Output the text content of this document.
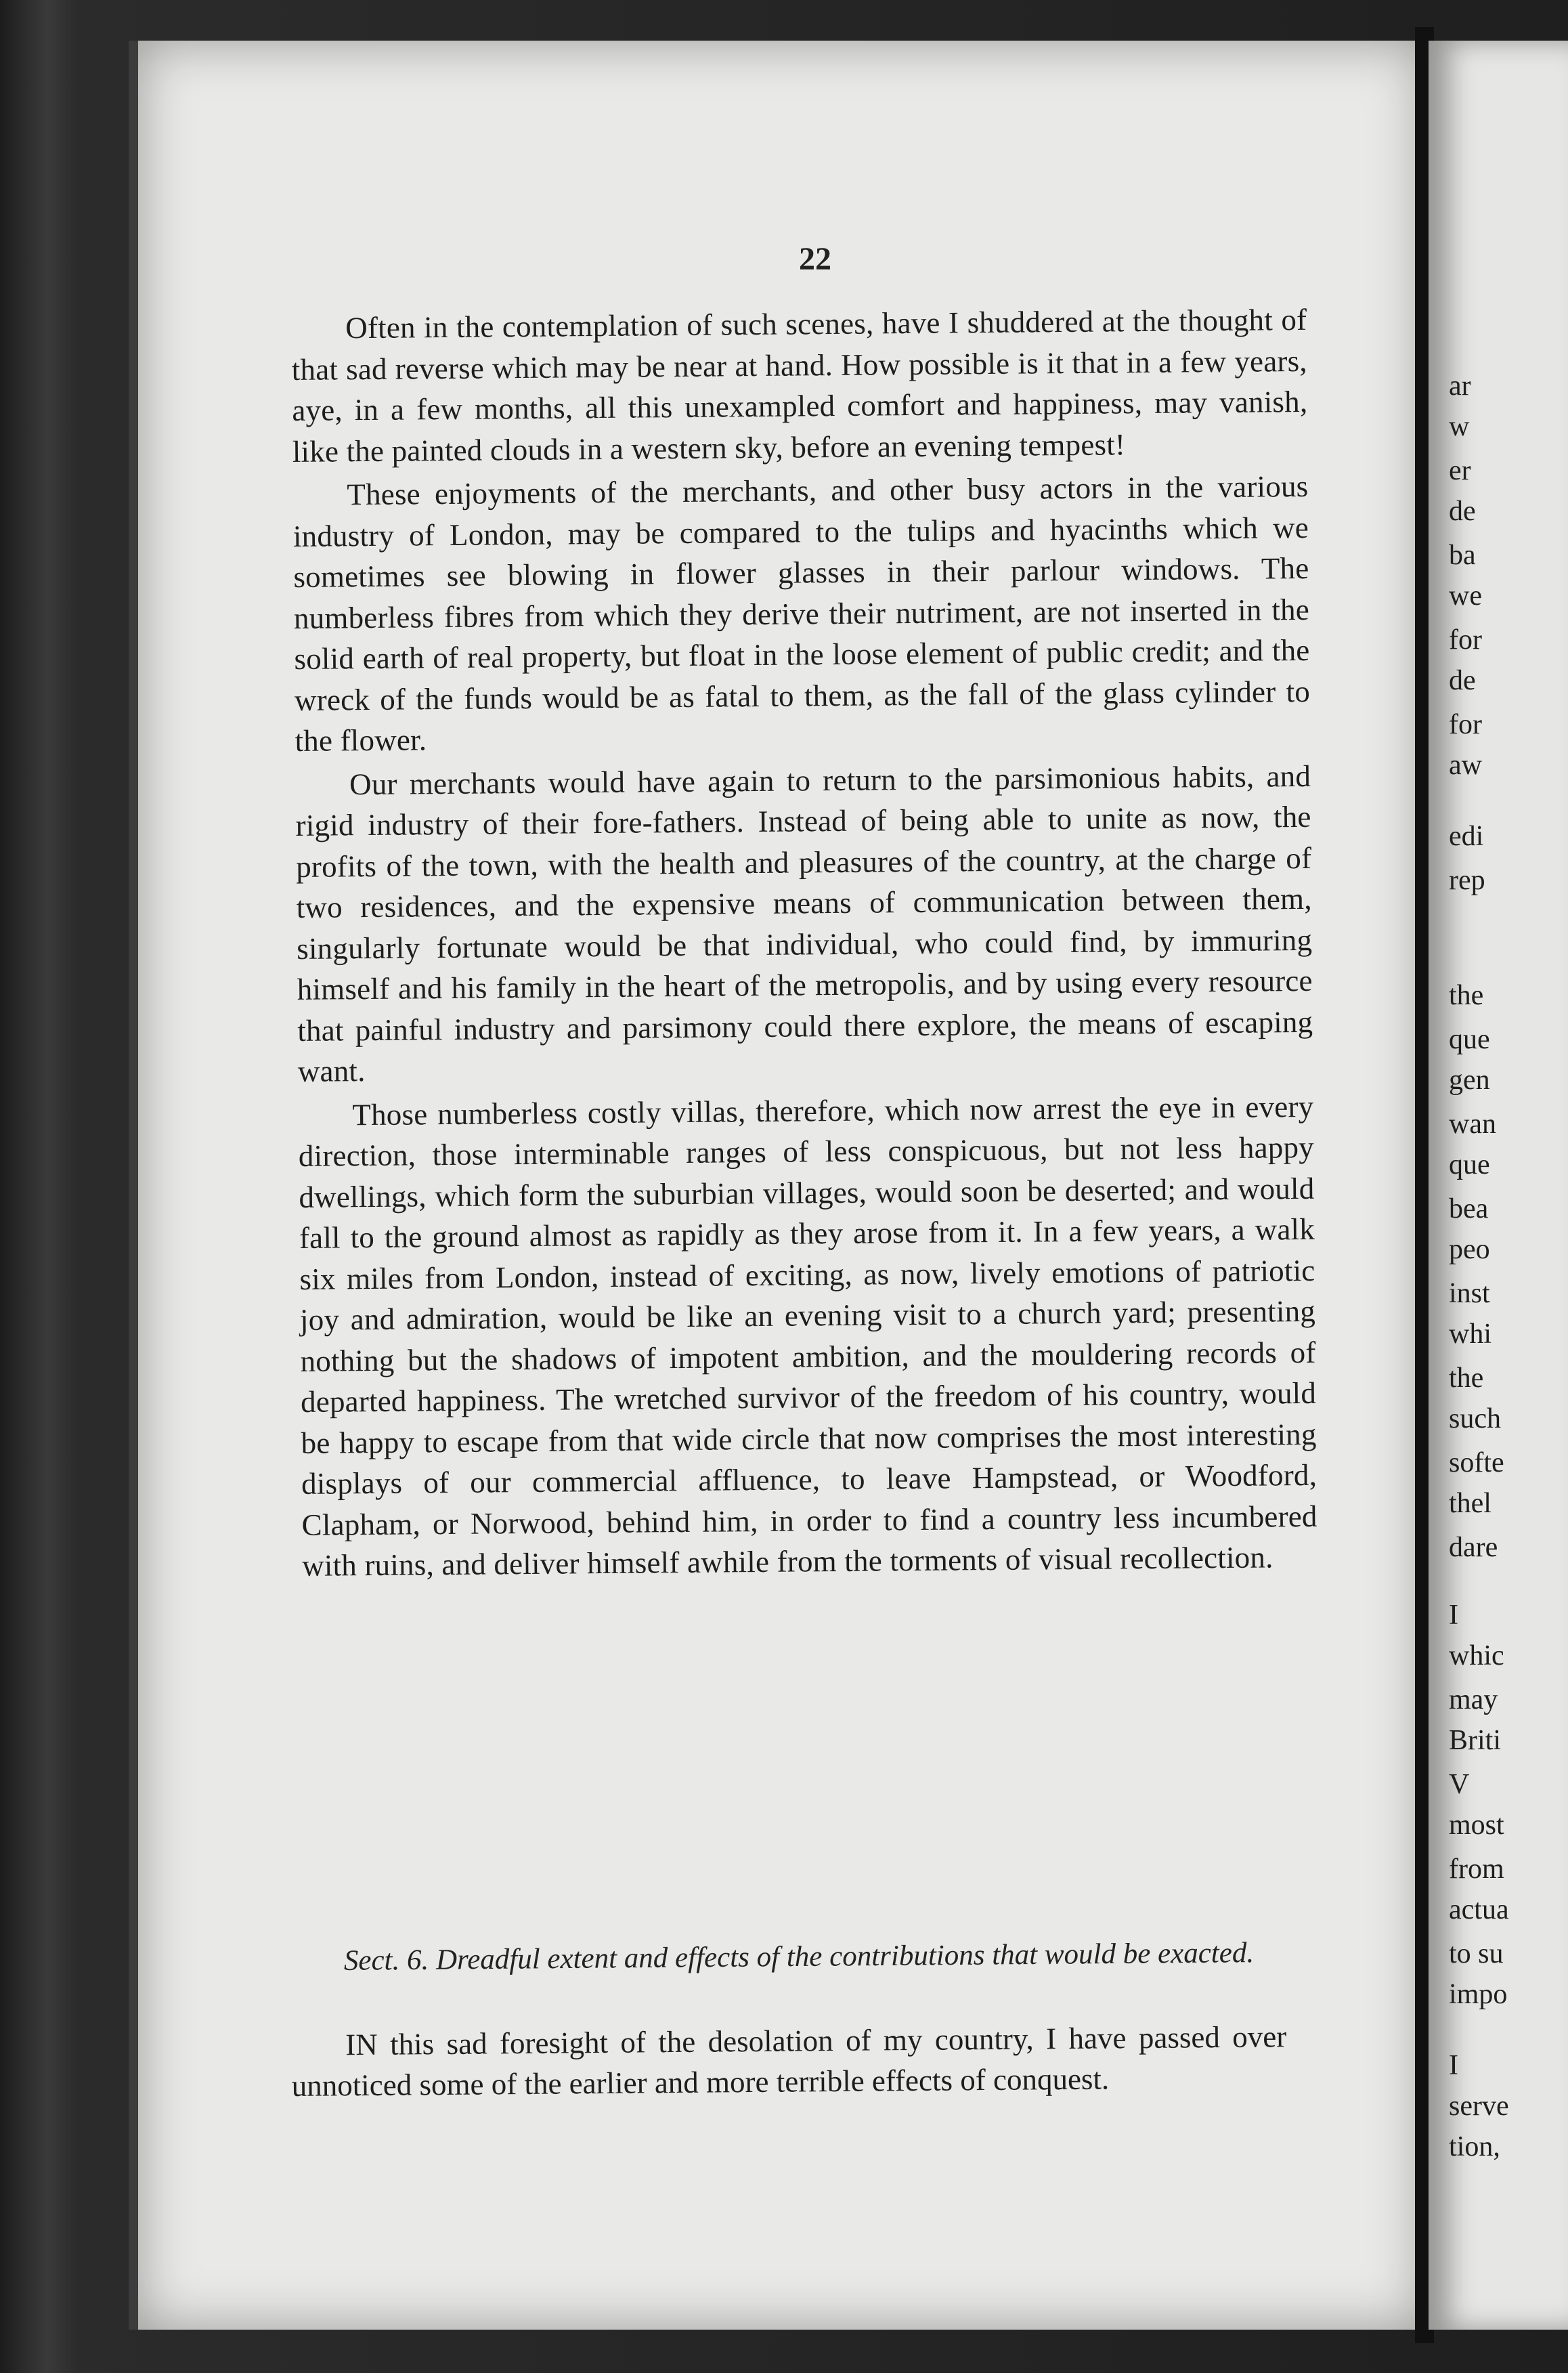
22

Often in the contemplation of such scenes, have I shuddered at the thought of that sad reverse which may be near at hand. How possible is it that in a few years, aye, in a few months, all this unexampled comfort and happiness, may vanish, like the painted clouds in a western sky, before an evening tempest!

These enjoyments of the merchants, and other busy actors in the various industry of London, may be compared to the tulips and hyacinths which we sometimes see blowing in flower glasses in their parlour windows. The numberless fibres from which they derive their nutriment, are not inserted in the solid earth of real property, but float in the loose element of public credit; and the wreck of the funds would be as fatal to them, as the fall of the glass cylinder to the flower.

Our merchants would have again to return to the parsimonious habits, and rigid industry of their fore-fathers. Instead of being able to unite as now, the profits of the town, with the health and pleasures of the country, at the charge of two residences, and the expensive means of communication between them, singularly fortunate would be that individual, who could find, by immuring himself and his family in the heart of the metropolis, and by using every resource that painful industry and parsimony could there explore, the means of escaping want.

Those numberless costly villas, therefore, which now arrest the eye in every direction, those interminable ranges of less conspicuous, but not less happy dwellings, which form the suburbian villages, would soon be deserted; and would fall to the ground almost as rapidly as they arose from it. In a few years, a walk six miles from London, instead of exciting, as now, lively emotions of patriotic joy and admiration, would be like an evening visit to a church yard; presenting nothing but the shadows of impotent ambition, and the mouldering records of departed happiness. The wretched survivor of the freedom of his country, would be happy to escape from that wide circle that now comprises the most interesting displays of our commercial affluence, to leave Hampstead, or Woodford, Clapham, or Norwood, behind him, in order to find a country less incumbered with ruins, and deliver himself awhile from the torments of visual recollection.

Sect. 6. Dreadful extent and effects of the contributions that would be exacted.

IN this sad foresight of the desolation of my country, I have passed over unnoticed some of the earlier and more terrible effects of conquest.

ar
w
er
de
ba
we
for
de
for
aw
edi
rep
the
que
gen
wan
que
bea
peo
inst
whi
the
such
softe
thel
dare
I
whic
may
Briti
V
most
from
actua
to su
impo
I
serve
tion,
